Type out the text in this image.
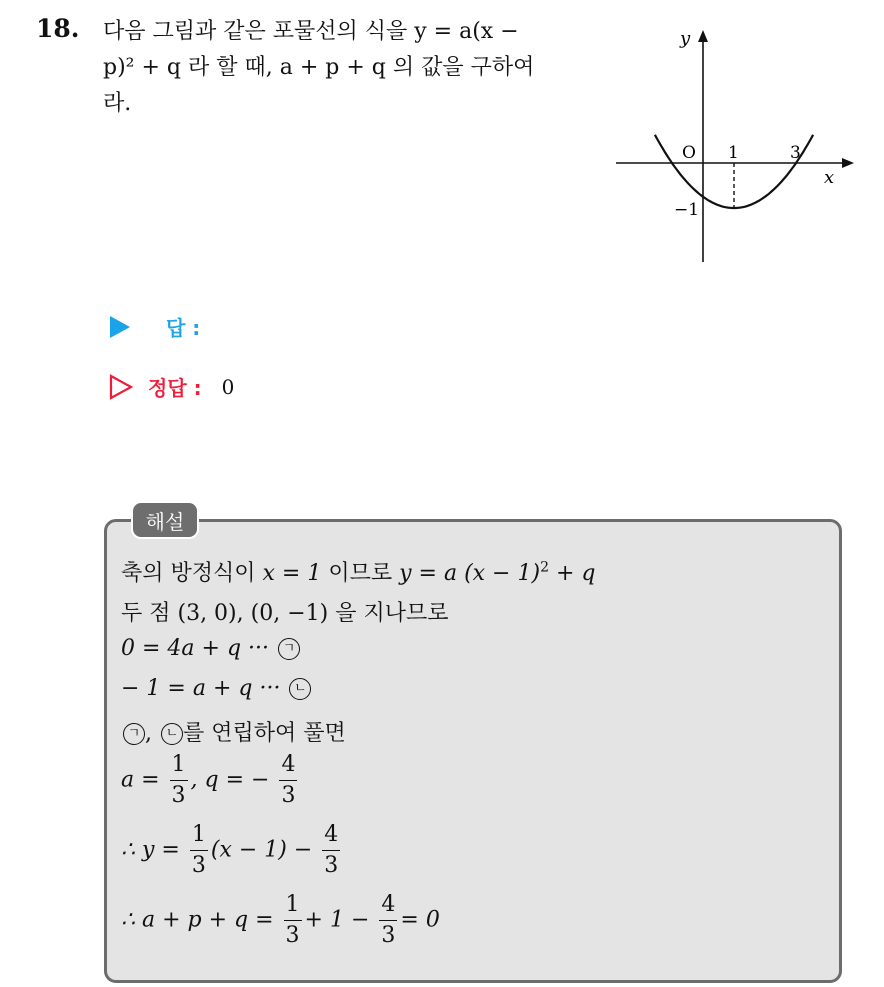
18. 다음 그림과 같은 포물선의 식을 y = a(x −
p)² + q 라 할 때, a + p + q 의 값을 구하여
라.
y
x
O 1	3
−1
답 :
정답 : 0
해설
축의 방정식이 x = 1 이므로 y = a $(x - 1)^2 + q$
두 점 (3, 0), (0, −1) 을 지나므로
0 = 4a + q ··· ㄱ
− 1 = a + q ··· ㄴ
ㄱ , ㄴ 를 연립하여 풀면
$a = \frac{1}{3}$ , q = − $\frac{4}{3}$
∴ $y = \frac{1}{3} (x - 1) - \frac{4}{3}$
∴ $a + p + q = \frac{1}{3} + 1 - \frac{4}{3} = 0$
